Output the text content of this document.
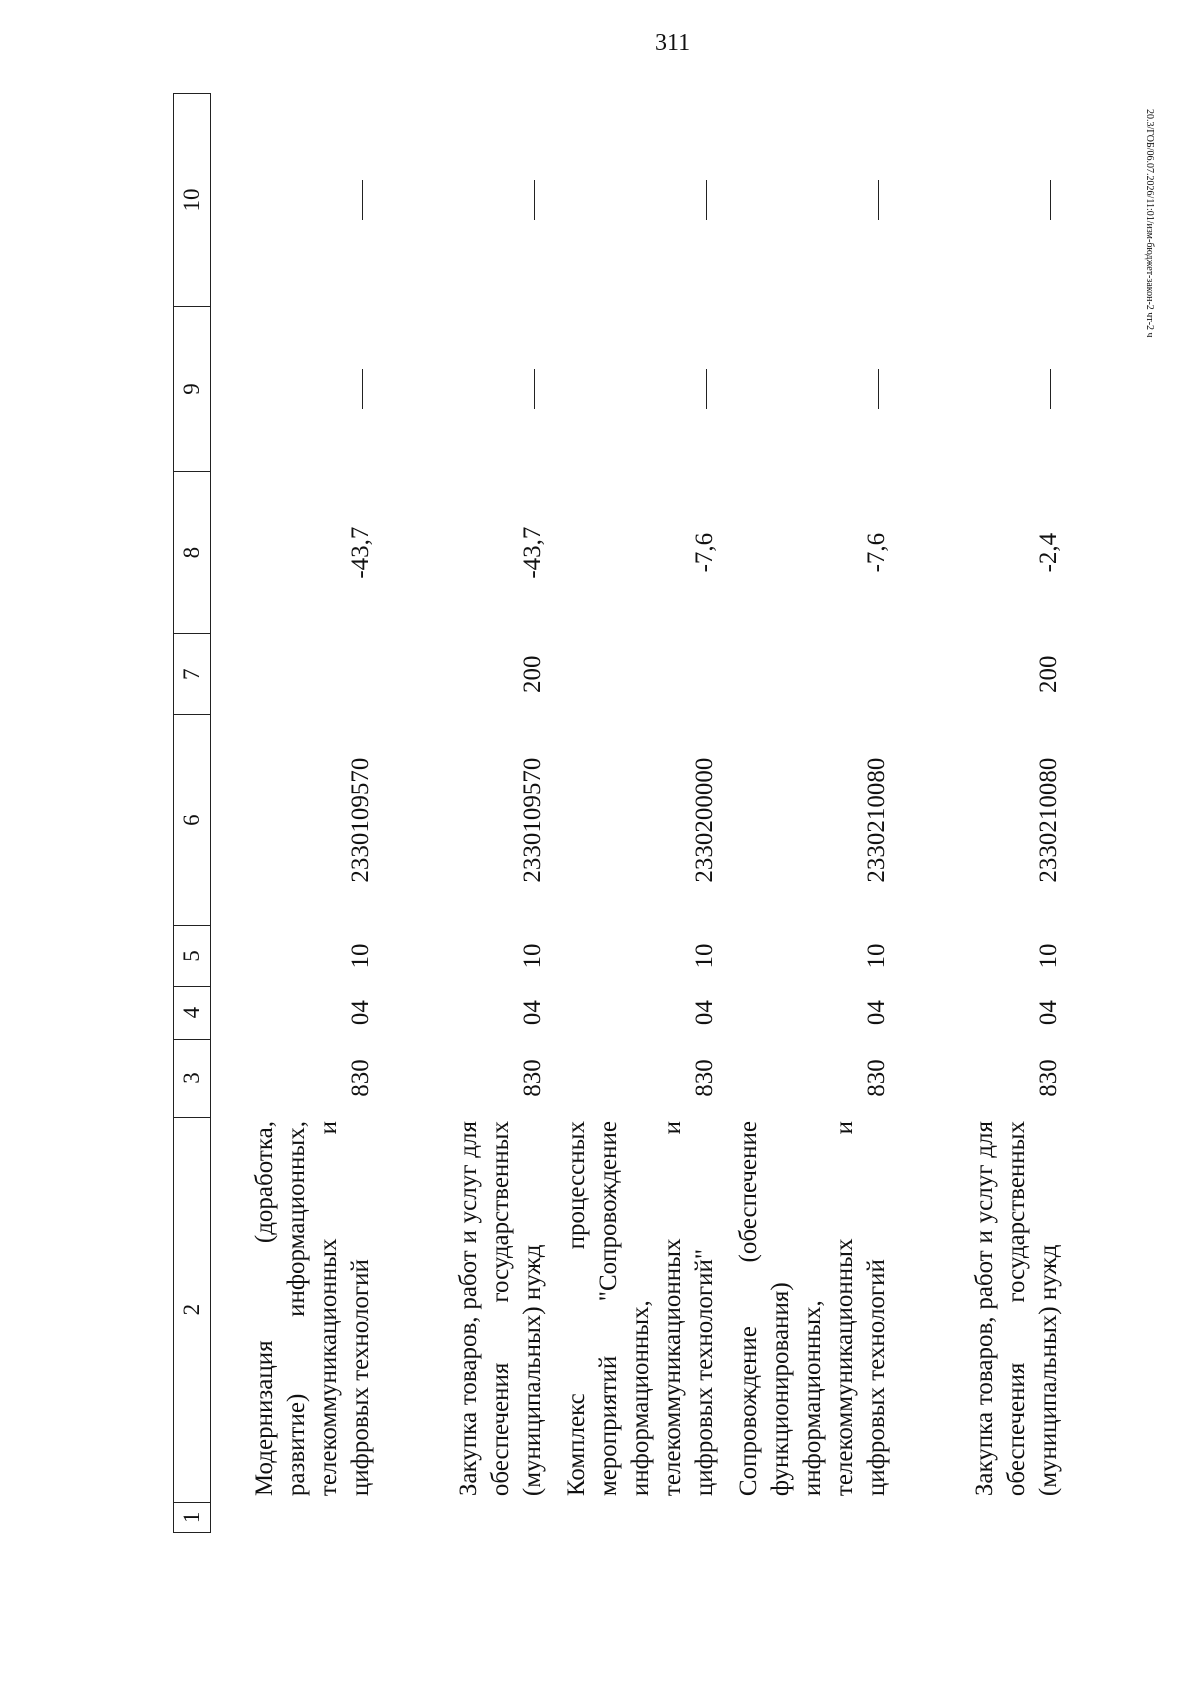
311
20.3/ГОБ/06.07.2026/11:01/изм-бюджет-закон-2 чт-2 ч
1	2	3	4	5	6	7	8	9	10
	Модернизация (доработка, развитие) информационных, телекоммуникационных и цифровых технологий	830	04	10	2330109570		-43,7		
	Закупка товаров, работ и услуг для обеспечения государственных (муниципальных) нужд	830	04	10	2330109570	200	-43,7		
	Комплекс процессных мероприятий "Сопровождение информационных, телекоммуникационных и цифровых технологий"	830	04	10	2330200000		-7,6		
	Сопровождение (обеспечение функционирования) информационных, телекоммуникационных и цифровых технологий	830	04	10	2330210080		-7,6		
	Закупка товаров, работ и услуг для обеспечения государственных (муниципальных) нужд	830	04	10	2330210080	200	-2,4		
